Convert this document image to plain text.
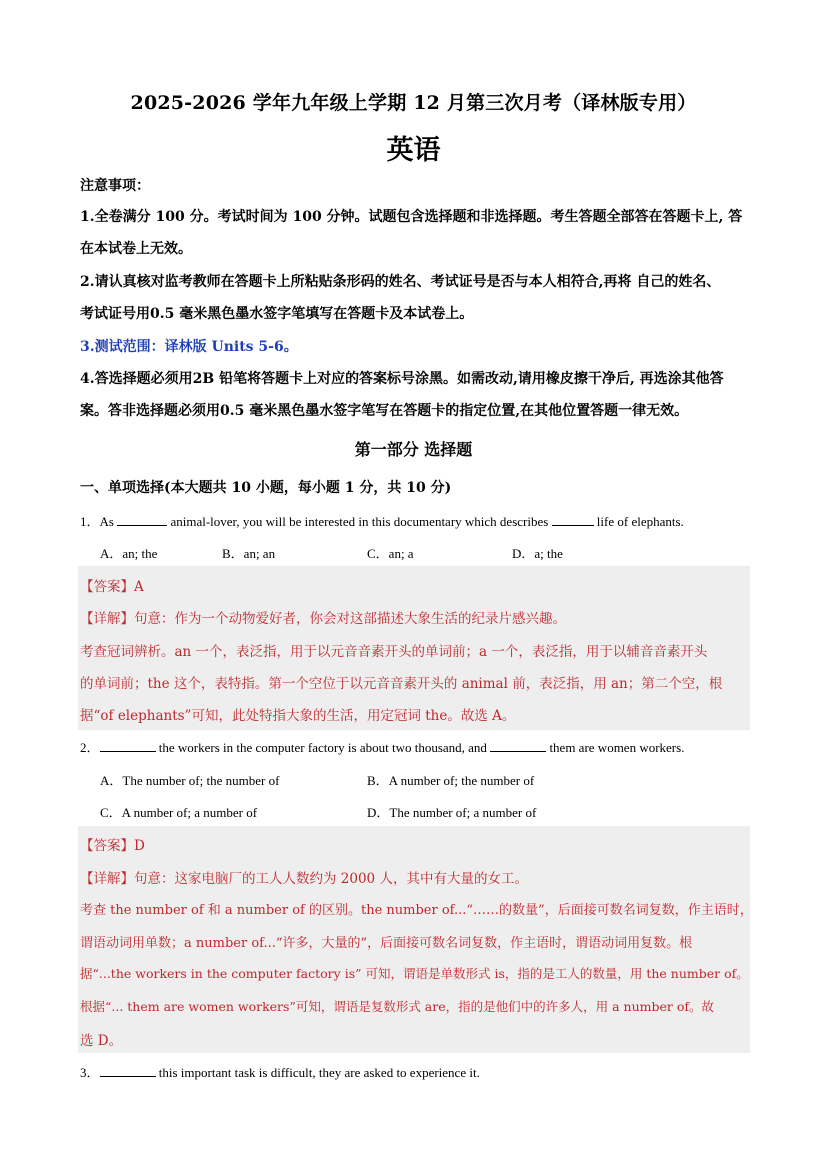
2025-2026 学年九年级上学期 12 月第三次月考（译林版专用）
英语
注意事项：
1.全卷满分 100 分。考试时间为 100 分钟。试题包含选择题和非选择题。考生答题全部答在答题卡上, 答
在本试卷上无效。
2.请认真核对监考教师在答题卡上所粘贴条形码的姓名、考试证号是否与本人相符合,再将 自己的姓名、
考试证号用0.5 毫米黑色墨水签字笔填写在答题卡及本试卷上。
3.测试范围：译林版 Units 5-6。
4.答选择题必须用2B 铅笔将答题卡上对应的答案标号涂黑。如需改动,请用橡皮擦干净后, 再选涂其他答
案。答非选择题必须用0.5 毫米黑色墨水签字笔写在答题卡的指定位置,在其他位置答题一律无效。
第一部分 选择题
一、单项选择(本大题共 10 小题，每小题 1 分，共 10 分)
1．As	animal-lover, you will be interested in this documentary which describes	life of elephants.
A．an; the	B．an; an	C．an; a	D．a; the
【答案】A
【详解】句意：作为一个动物爱好者，你会对这部描述大象生活的纪录片感兴趣。
考查冠词辨析。an 一个，表泛指，用于以元音音素开头的单词前；a 一个，表泛指，用于以辅音音素开头
的单词前；the 这个，表特指。第一个空位于以元音音素开头的 animal 前，表泛指，用 an；第二个空，根
据“of elephants”可知，此处特指大象的生活，用定冠词 the。故选 A。
2．	the workers in the computer factory is about two thousand, and	them are women workers.
A．The number of; the number of	B．A number of; the number of
C．A number of; a number of	D．The number of; a number of
【答案】D
【详解】句意：这家电脑厂的工人人数约为 2000 人，其中有大量的女工。
考查 the number of 和 a number of 的区别。the number of...“……的数量”，后面接可数名词复数，作主语时，
谓语动词用单数；a number of...“许多，大量的”，后面接可数名词复数，作主语时，谓语动词用复数。根
据“...the workers in the computer factory is” 可知，谓语是单数形式 is，指的是工人的数量，用 the number of。
根据“... them are women workers”可知，谓语是复数形式 are，指的是他们中的许多人，用 a number of。故
选 D。
3．	this important task is difficult, they are asked to experience it.
